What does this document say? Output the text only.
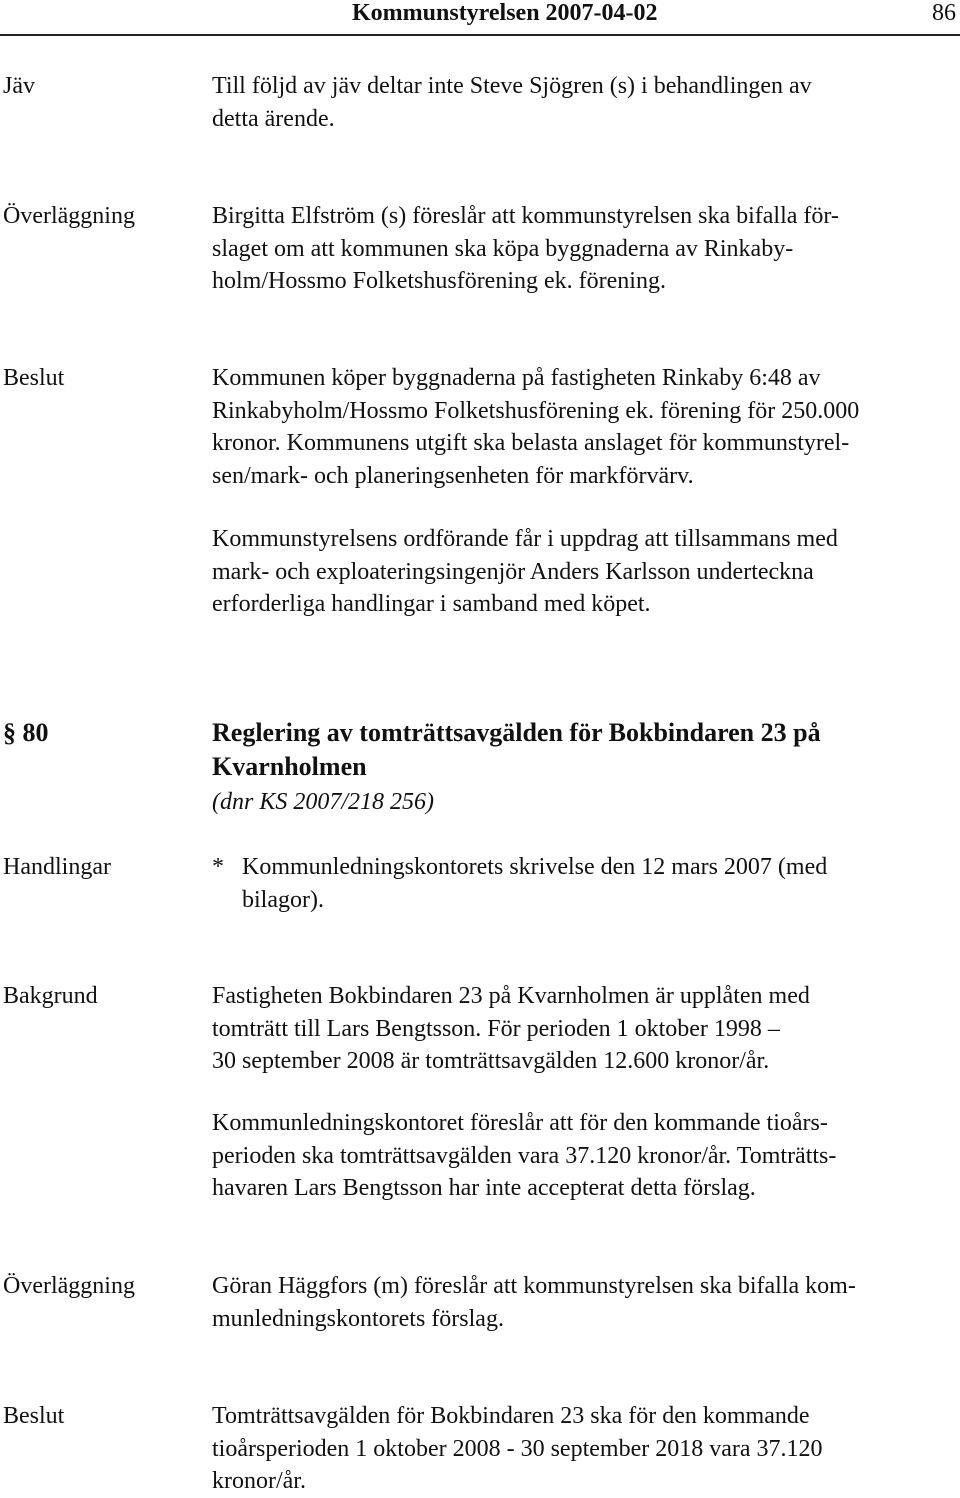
Kommunstyrelsen 2007-04-02	86
Jäv	Till följd av jäv deltar inte Steve Sjögren (s) i behandlingen av
detta ärende.
Överläggning	Birgitta Elfström (s) föreslår att kommunstyrelsen ska bifalla för-
slaget om att kommunen ska köpa byggnaderna av Rinkaby-
holm/Hossmo Folketshusförening ek. förening.
Beslut	Kommunen köper byggnaderna på fastigheten Rinkaby 6:48 av
Rinkabyholm/Hossmo Folketshusförening ek. förening för 250.000
kronor. Kommunens utgift ska belasta anslaget för kommunstyrel-
sen/mark- och planeringsenheten för markförvärv.
Kommunstyrelsens ordförande får i uppdrag att tillsammans med
mark- och exploateringsingenjör Anders Karlsson underteckna
erforderliga handlingar i samband med köpet.
§ 80	Reglering av tomträttsavgälden för Bokbindaren 23 på
Kvarnholmen
(dnr KS 2007/218 256)
Handlingar	* Kommunledningskontorets skrivelse den 12 mars 2007 (med
bilagor).
Bakgrund	Fastigheten Bokbindaren 23 på Kvarnholmen är upplåten med
tomträtt till Lars Bengtsson. För perioden 1 oktober 1998 –
30 september 2008 är tomträttsavgälden 12.600 kronor/år.
Kommunledningskontoret föreslår att för den kommande tioårs-
perioden ska tomträttsavgälden vara 37.120 kronor/år. Tomträtts-
havaren Lars Bengtsson har inte accepterat detta förslag.
Överläggning	Göran Häggfors (m) föreslår att kommunstyrelsen ska bifalla kom-
munledningskontorets förslag.
Beslut	Tomträttsavgälden för Bokbindaren 23 ska för den kommande
tioårsperioden 1 oktober 2008 - 30 september 2018 vara 37.120
kronor/år.
